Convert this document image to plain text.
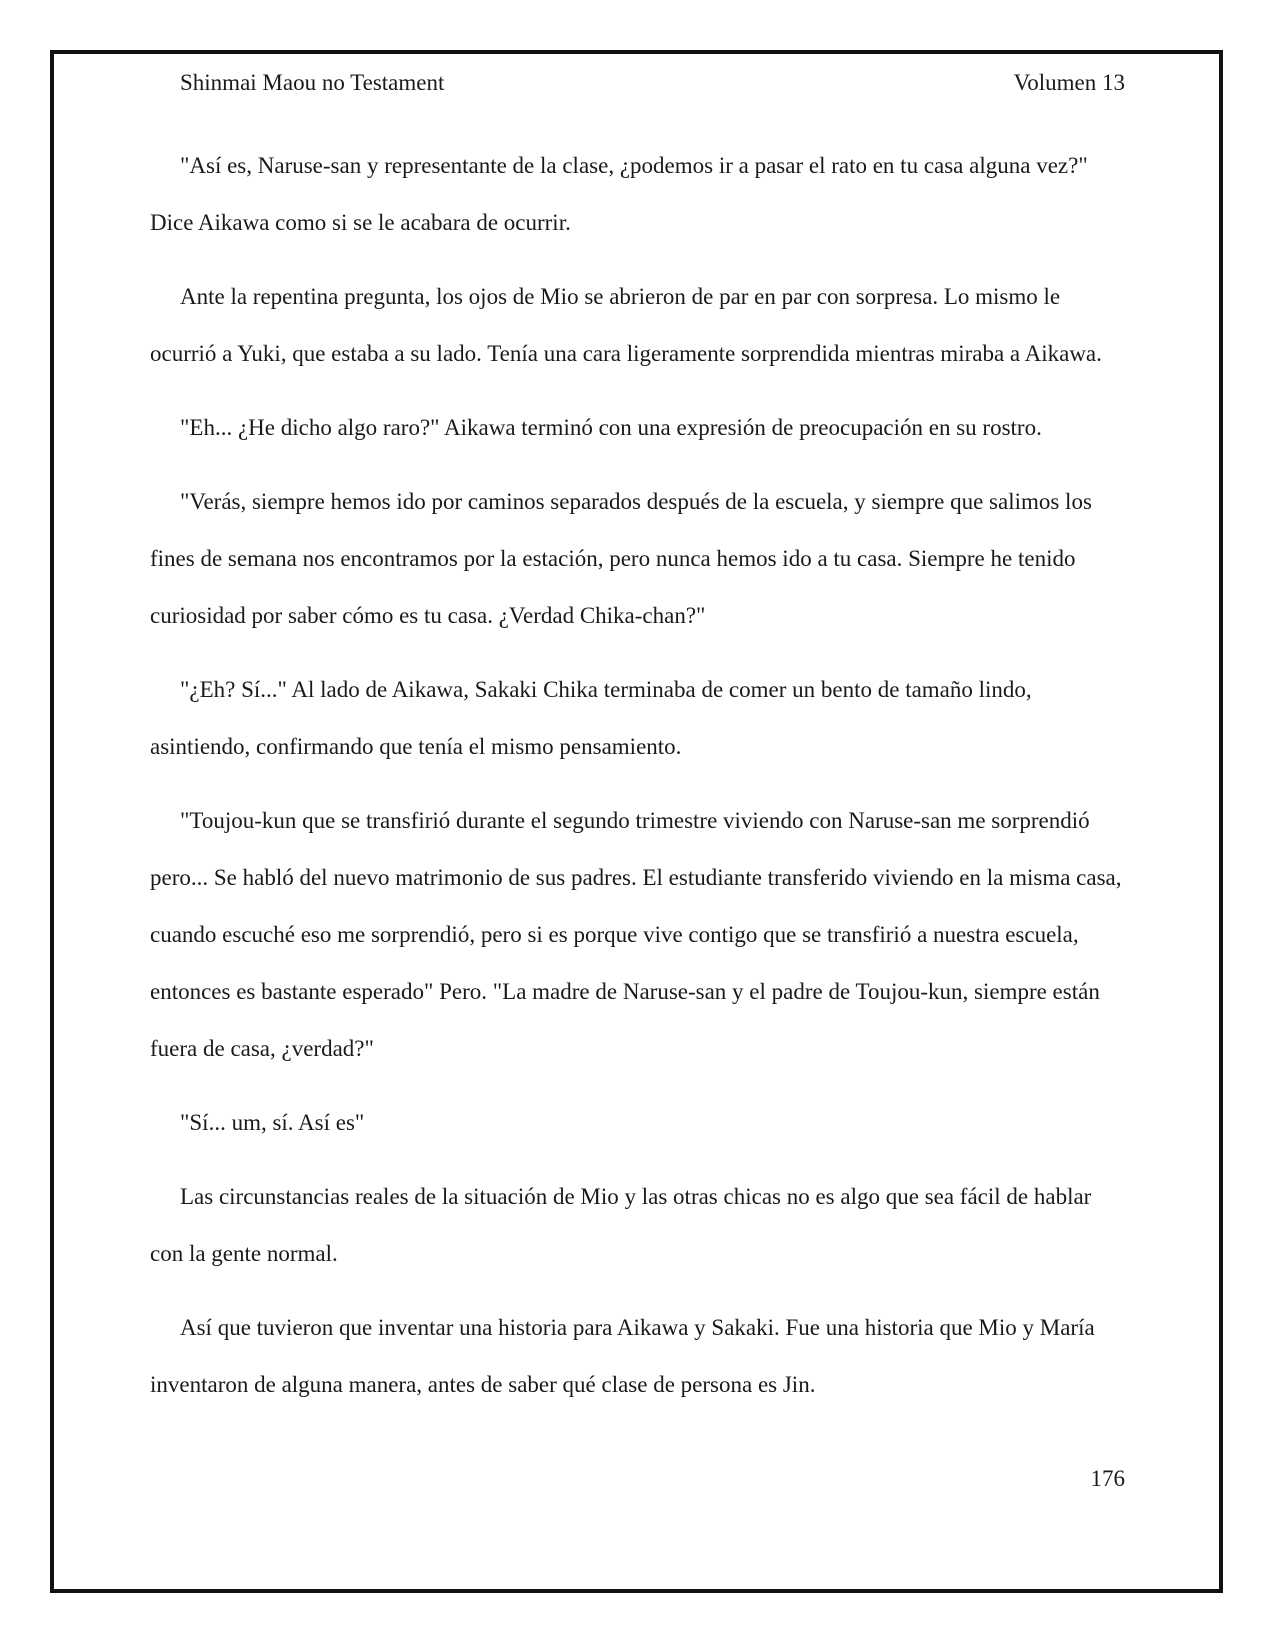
Shinmai Maou no Testament	Volumen 13

"Así es, Naruse-san y representante de la clase, ¿podemos ir a pasar el rato en tu casa alguna vez?" Dice Aikawa como si se le acabara de ocurrir.

Ante la repentina pregunta, los ojos de Mio se abrieron de par en par con sorpresa. Lo mismo le ocurrió a Yuki, que estaba a su lado. Tenía una cara ligeramente sorprendida mientras miraba a Aikawa.

"Eh... ¿He dicho algo raro?" Aikawa terminó con una expresión de preocupación en su rostro.

"Verás, siempre hemos ido por caminos separados después de la escuela, y siempre que salimos los fines de semana nos encontramos por la estación, pero nunca hemos ido a tu casa. Siempre he tenido curiosidad por saber cómo es tu casa. ¿Verdad Chika-chan?"

"¿Eh? Sí..." Al lado de Aikawa, Sakaki Chika terminaba de comer un bento de tamaño lindo, asintiendo, confirmando que tenía el mismo pensamiento.

"Toujou-kun que se transfirió durante el segundo trimestre viviendo con Naruse-san me sorprendió pero... Se habló del nuevo matrimonio de sus padres. El estudiante transferido viviendo en la misma casa, cuando escuché eso me sorprendió, pero si es porque vive contigo que se transfirió a nuestra escuela, entonces es bastante esperado" Pero. "La madre de Naruse-san y el padre de Toujou-kun, siempre están fuera de casa, ¿verdad?"

"Sí... um, sí. Así es"

Las circunstancias reales de la situación de Mio y las otras chicas no es algo que sea fácil de hablar con la gente normal.

Así que tuvieron que inventar una historia para Aikawa y Sakaki. Fue una historia que Mio y María inventaron de alguna manera, antes de saber qué clase de persona es Jin.

176
